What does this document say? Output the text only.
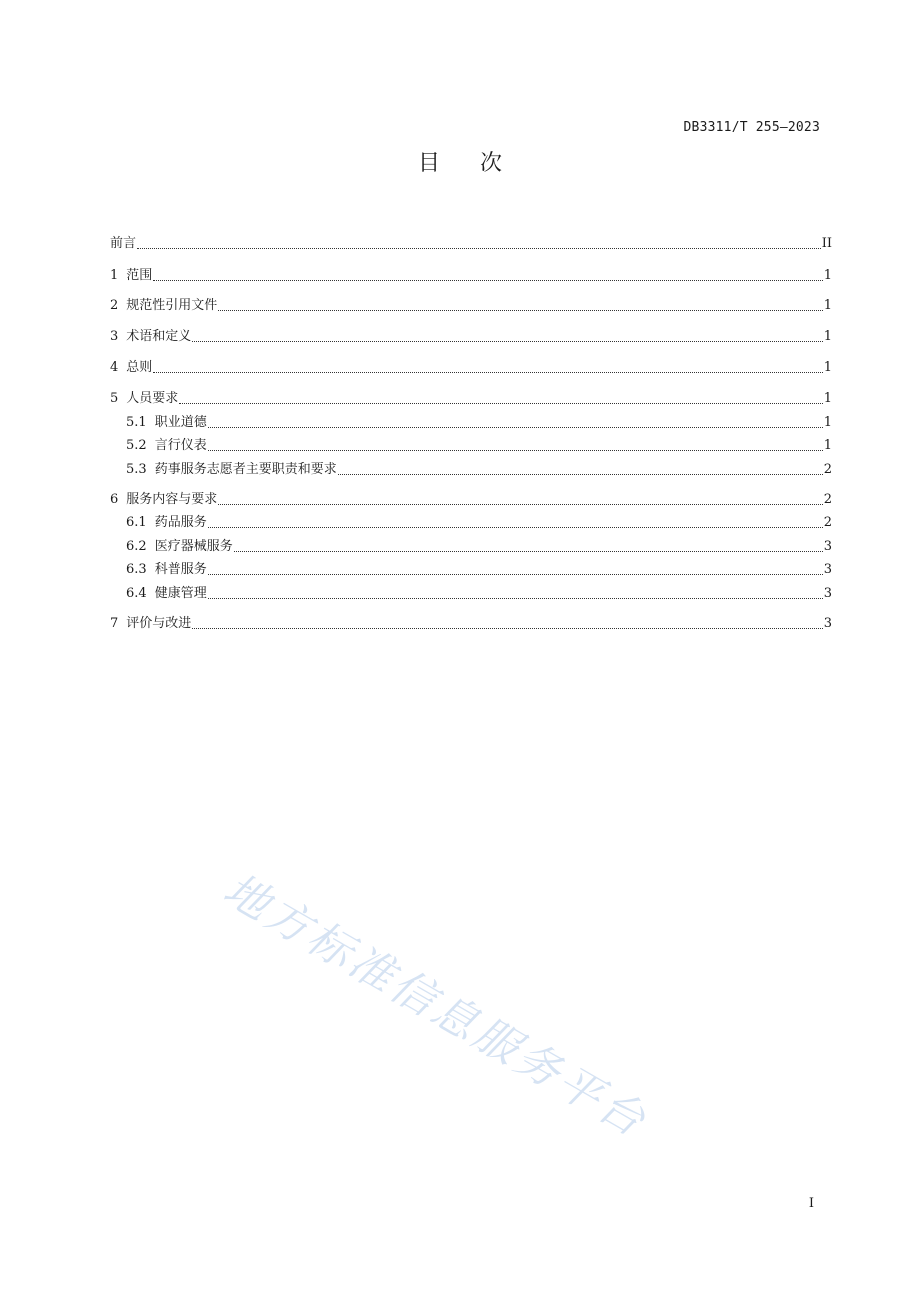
DB3311/T 255—2023
目 次
前言	II
1 范围	1
2 规范性引用文件	1
3 术语和定义	1
4 总则	1
5 人员要求	1
5.1 职业道德	1
5.2 言行仪表	1
5.3 药事服务志愿者主要职责和要求	2
6 服务内容与要求	2
6.1 药品服务	2
6.2 医疗器械服务	3
6.3 科普服务	3
6.4 健康管理	3
7 评价与改进	3
地方标准信息服务平台
I
